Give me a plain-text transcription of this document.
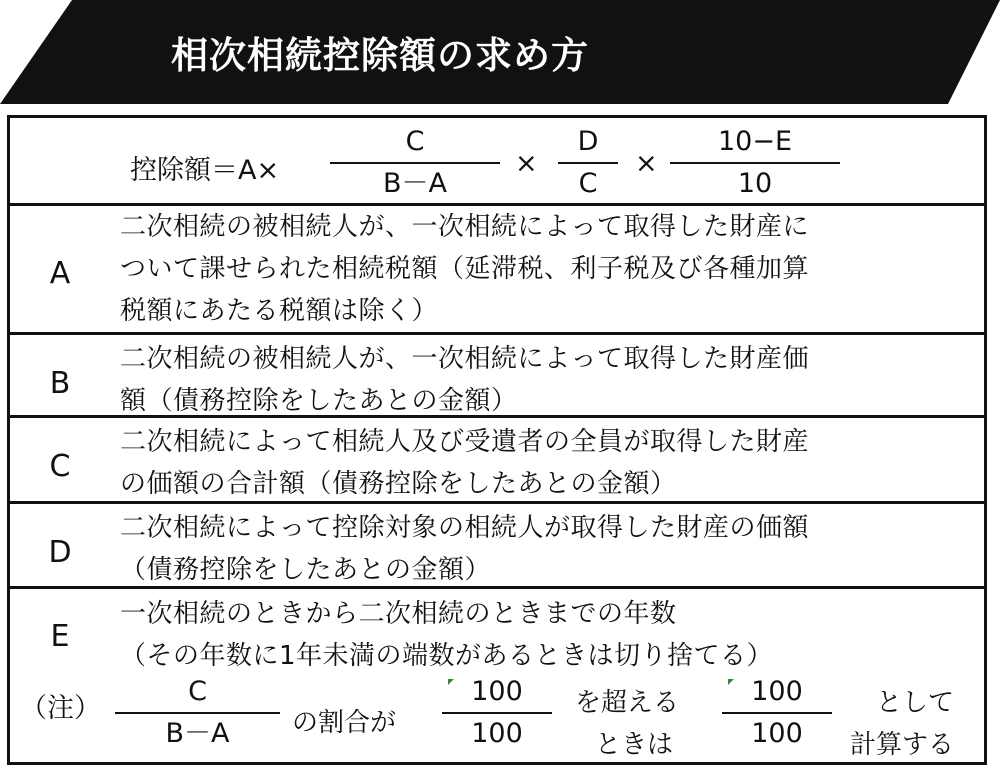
相次相続控除額の求め方
控除額＝A×
C
B－A
×
D
C
×
10−E
10
A
二次相続の被相続人が、一次相続によって取得した財産に
ついて課せられた相続税額（延滞税、利子税及び各種加算
税額にあたる税額は除く）
B
二次相続の被相続人が、一次相続によって取得した財産価
額（債務控除をしたあとの金額）
C
二次相続によって相続人及び受遺者の全員が取得した財産
の価額の合計額（債務控除をしたあとの金額）
D
二次相続によって控除対象の相続人が取得した財産の価額
（債務控除をしたあとの金額）
E
一次相続のときから二次相続のときまでの年数
（その年数に1年未満の端数があるときは切り捨てる）
（注）
C
B－A	の割合が
100
100
を超える
ときは
100
100
として
計算する
